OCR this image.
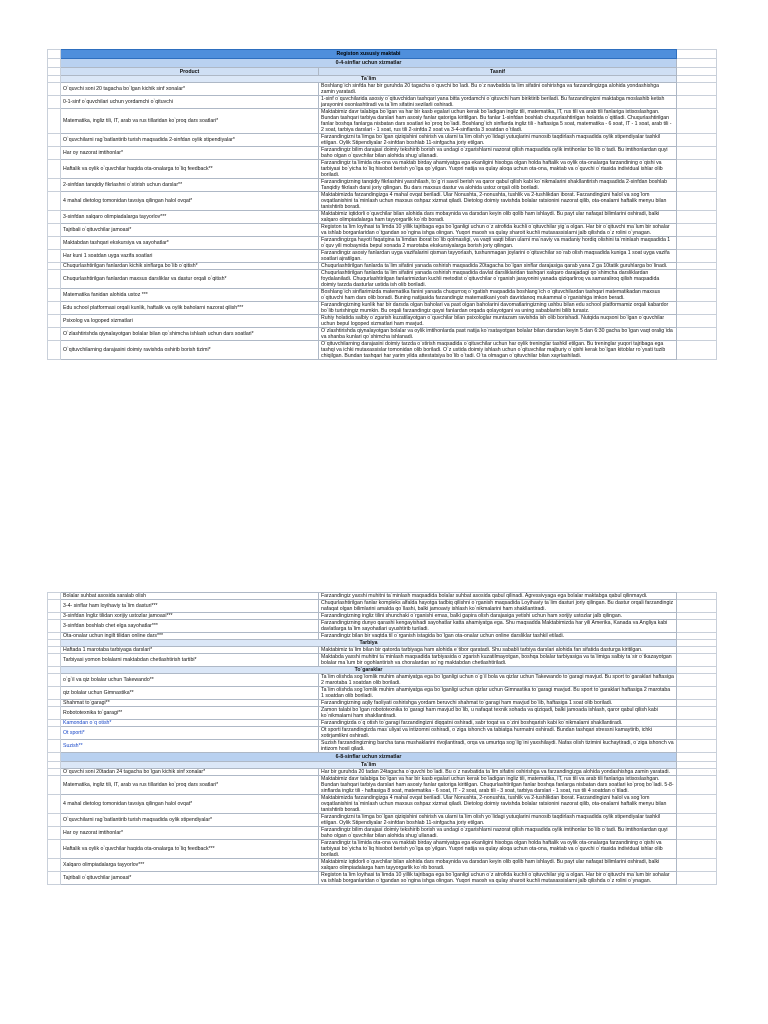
	Registon xususiy maktabi		
	0-4-sinflar uchun xizmatlar		
	Product	Tasnif	
	Ta`lim		
	O`quvchi soni 20 tagacha bo`lgan kichik sinf xonalar*	Boshlang`ich sinfda har bir guruhda 20 tagacha o`quvchi bo`ladi. Bu o`z navbatida ta`lim sifatini oshirishga va farzandingizga alohida yondashishga zamin yaratadi.	
	0-1-sinf o`quvchilari uchun yordamchi o`qituvchi	1-sinf o`quvchilarida asosiy o`qituvchidan tashqari yana bitta yordamchi o`qituvchi ham biriktirib beriladi. Bu farzandingizni maktabga moslashib ketish jarayonini osonlashtiradi va ta`lim sifatini sezilarli oshiradi.	
	Matematika, ingliz tili, IT, arab va rus tillaridan ko`proq dars soatlari*	Maktabimiz davr talabiga bo`lgan va har bir kasb egalari uchun kerak bo`ladigan ingliz tili, matematika, IT, rus tili va arab tili fanlariga ixtisoslashgan. Bundan tashqari tarbiya darslari ham asosiy fanlar qatoriga kiritilgan. Bu fanlar 1-sinfdan boshlab chuqurlashtirilgan holatda o`qitiladi. Chuqurlashtirilgan fanlar boshqa fanlarga nisbatan dars soatlari ko`proq bo`ladi. Boshlang`ich sinflarda ingliz tili - haftasiga 5 soat, matematika - 6 soat, IT - 1 soat, arab tili - 2 soat, tarbiya darslari - 1 soat, rus tili 2-sinfda 2 soat va 3-4-sinflarda 3 soatdan o`tiladi.	
	O`quvchilarni rag`batlantirib turish maqsadida 2-sinfdan oylik stipendiyalar*	Farzandingizni ta`limga bo`lgan qiziqishini oshirish va ularni ta`lim olish yo`lidagi yutuqlarini munosib taqdirlash maqsadida oylik stipendiyalar tashkil etilgan. Oylik Stipendiyalar 2-sinfdan boshlab 11-sinfgacha joriy etilgan.	
	Har oy nazorat imtihonlar*	Farzandingiz bilim darajasi doimiy tekshirib borish va undagi o`zgarishlarni nazorat qilish maqsadida oylik imtihonlar bo`lib o`tadi. Bu imtihonlardan quyi baho olgan o`quvchilar bilan alohida shug`ullanadi.	
	Haftalik va oylik o`quvchilar haqida ota-onalarga to`liq feedback**	Farzandingiz ta`limida ota-ona va maktab birday ahamiyatga ega ekanligini hisobga olgan holda haftalik va oylik ota-onalarga farzandining o`qishi va tarbiyasi bo`yicha to`liq hisobot berish yo`lga qo`yilgan. Yuqori natija va qulay aloqa uchun ota-ona, maktab va o`quvchi o`rtasida individual ishlar olib boriladi.	
	2-sinfdan tanqidiy fikrlashni o`stirish uchun darslar**	Farzandingizning tanqidiy fikrlashini yaxshilash, to`g`ri savol berish va qaror qabul qilish kabi ko`nikmalarini shakllantirish maqsadida 2-sinfdan boshlab Tanqidiy fikrlash darsi joriy qilingan. Bu dars maxsus dastur va alohida ustoz orqali olib boriladi.	
	4 mahal dietolog tomonidan tavsiya qilingan halol ovqat*	Maktabimizda farzandingizga 4 mahal ovqat beriladi. Ular Nonushta, 2-nonushta, tushlik va 2-tushlikdan iborat. Farzandingizni halol va sog`lom ovqatlanishini ta`minlash uchun maxsus oshpaz xizmat qiladi. Dietolog doimiy ravishda bolalar ratsionini nazorat qilib, ota-onalarni haftalik menyu bilan tanishtirib boradi.	
	3-sinfdan xalqaro olimpiadalarga tayyorlov***	Maktabimiz iqtidorli o`quvchilar bilan alohida dars mobaynida va darsdan keyin olib qolib ham ishlaydi. Bu payt ular nafaqat bilimlarini oshiradi, balki xalqaro olimpiadalarga ham tayyorgarlik ko`rib boradi.	
	Tajribali o`qituvchilar jamoasi*	Registon ta`lim loyihasi ta`limda 10 yillik tajribaga ega bo`lganligi uchun o`z atrofida kuchli o`qituvchilar yig`a olgan. Har bir o`qituvchi ma`lum bir sohalar va ishlab borganlaridan o`tgandan so`ngina ishga olingan. Yuqori maosh va qulay sharoit kuchli mutaxassislarni jalb qilishda o`z rolini o`ynagan.	
	Maktabdan tashqari ekskursiya va sayohatlar*	Farzandingizga hayoti faqatgina ta`limdan iborat bo`lib qolmasligi, va vaqti vaqti bilan ularni ma`naviy va madaniy hordiq olishini ta`minlash maqsadida 1 o`quv yili mobaynida bepul xonada 2 marotaba ekskursiyalarga borish joriy qilingan.	
	Har kuni 1 soatdan uyga vazifa soatlari	Farzandingiz asosiy fanlardan uyga vazifalarini qisman tayyorlash, tushunmagan joylarini o`qituvchilar so`rab olish maqsadida kuniga 1 soat uyga vazifa soatlari ajratilgan.	
	Chuqurlashtirilgan fanlardan kichik sinflarga bo`lib o`qitish*	Chuqurlashtirilgan fanlarda ta`lim sifatini yanada oshirish maqsadida 20tagacha bo`lgan sinflar darajasiga qarab yana 2 ga 10tatik guruhlarga bo`linadi.	
	Chuqurlashtirilgan fanlardan maxsus darsliklar va dastur orqali o`qitish*	Chuqurlashtirilgan fanlarda ta`lim sifatini yanada oshirish maqsadida davlat darsliklaridan tashqari xalqaro darajadagi qo`shimcha darsliklardan foydalaniladi. Chuqurlashtirilgan fanlarimizdan kuchli metodist o`qituvchilar o`rganish jarayonini yanada qiziqarliroq va samaraliroq qilish maqsadida doimiy tarzda dasturlar ustida ish olib boriladi.	
	Matematika fanidan alohida ustoz ***	Boshlang`ich sinflarimizda matematika fanini yanada chuqurroq o`rgatish maqsadida boshlang`ich o`qituvchilardan tashqari matematikadan maxsus o`qituvchi ham dars olib boradi. Buning natijasida farzandingiz matematikani yosh davridanoq mukammal o`rganishiga imkon beradi.	
	Edu school platformasi orqali kunlik, haftalik va oylik baholarni nazorat qilish***	Farzandingizning kunlik har bir darsda olgan baholari va past olgan baholarini davomatlaringizning ushbu bilan edu school platformamiz orqali kabardor bo`lib turishingiz mumkin. Bu orqali farzandingiz qaysi fanlardan orqada qolayotgani va uning sabablarini bilib turasiz.	
	Psixolog va logoped xizmatlari	Ruhiy holatida salbiy o`zgarish kuzatilayotgan o`quvchilar bilan psixologlar muntazam ravishda ish olib borishadi. Nutqida nuqsoni bo`lgan o`quvchilar uchun bepul logoped xizmatlari ham mavjud.	
	O`zlashtirishda qiynalayotgan bolalar bilan qo`shimcha ishlash uchun dars soatlari*	O`zlashtirishda qiynalayotgan bolalar va oylik imtihonlarda past natija ko`rsatayotgan bolalar bilan darsdan keyin 5 dan 6:30 gacha bo`lgan vaqt oralig`ida va shanba kunlari qo`shimcha ishlanadi.	
	O`qituvchilarning darajasini doimiy ravishda oshirib borish tizimi*	O`qituvchilarning darajasini doimiy tarzda o`stirish maqsadida o`qituvchilar uchun har oylik treninglar tashkil etilgan. Bu treninglar yuqori tajribaga ega tashqi va ichki mutaxassislar tomonidan olib boriladi. O`z ustida doimiy ishlash uchun o`qituvchilar majburiy o`qishi kerak bo`lgan kitoblar ro`yxati tuzib chiqilgan. Bundan tashqari har yarim yilda attestatsiya bo`lib o`tadi. O`ta olmagan o`qituvchilar bilan xayrlashiladi.	
	Bolalar suhbat asosida saralab olish	Farzandingiz yaxshi muhitni ta`minlash maqsadida bolalar suhbat asosida qabul qilinadi. Agressivyaga ega bolalar maktabga qabul qilinmaydi.	
	3-4- sinflar ham loyihaviy ta`lim dasturi***	Chuqurlashtirilgan fanlar kompleks alfalda hayotga tadbiq qilishni o`rganish maqsadida Loyihaviy ta`lim dasturi joriy qilingan. Bu dastur orqali farzandingiz nafaqat olgan bilimlarini amalda qo`llashi, balki jamoaviy ishlash ko`nikmalarini ham shakllantiradi.	
	3-sinfdan Ingliz tilidan xorijiy ustozlar jamoasi***	Farzandingizning ingliz tilini shunchaki o`rganishi emas, balki gapira olish darajasiga yetishi uchun ham xorijiy ustozlar jalb qilingan.	
	3-sinfdan boshlab chet elga sayohatlar***	Farzandingizning dunyo qarashi kengayishadi sayohatlar katta ahamiyatga ega. Shu maqsadda Maktabimizda har yili Amerika, Kanada va Angliya kabi davlatlarga ta`lim sayohatlari uyushtirib turiladi.	
	Ota-onalar uchun ingilt tilidan online dars***	Farzandingiz bilan bir vaqtda til o`rganish istagida bo`lgan ota-onalar uchun online darsliklar tashkil etiladi.	
	Tarbiya		
	Haftada 1 marotaba tarbiyaga darslari*	Maktabimiz ta`lim bilan bir qatorda tarbiyaga ham alohida e`tibor qaratadi. Shu sababli tarbiya darslari alohida fan sifatida dasturga kiritilgan.	
	Tarbiyasi yomon bolalarni maktabdan chetlashtirish tartibi*	Maktabda yaxshi muhitni ta`minlash maqsadida tarbiyasida o`zgarish kuzatilmayotgan, boshqa bolalar tarbiyasiga va ta`limiga salbiy ta`sir o`tkazayotgan bolalar ma`lum bir ogohlantirish va choralardan so`ng maktabdan chetlashtiriladi.	
	To`garaklar		
	o`g`il va qiz bolalar uchun Takewando**	Ta`lim olishda sog`lomlik muhim ahamiyatga ega bo`lganligi uchun o`g`il bola va qizlar uchun Takewando to`garagi mavjud. Bu sport to`garaklari haftasiga 2 marotaba 1 soatdan olib boriladi.	
	qiz bolalar uchun Gimnastika**	Ta`lim olishda sog`lomlik muhim ahamiyatga ega bo`lganligi uchun qizlar uchun Gimnastika to`garagi mavjud. Bu sport to`garaklari haftasiga 2 marotaba 1 soatdan olib boriladi.	
	Shahmat to`garagi**	Farzandingizning aqliy faoliyati oshirishga yordam beruvchi shahmat to`garagi ham mavjud bo`lib, haftasiga 1 soat olib boriladi.	
	Robototexnika to`garagi**	Zamon talabi bo`lgan robototexnika to`garagi ham mavjud bo`lib, u nafaqat texnik sohada va qiziqadi, balki jamoada ishlash, qaror qabul qilish kabi ko`nikmalarni ham shakllantiradi.	
	Kamondan o`q otish*	Farzandingizda o`q otish to`garagi farzandingizni diqqatni oshiradi, sabr toqat va o`zini boshqarish kabi ko`nikmalarni shakllantiradi.	
	Ot sporti*	Ot sporti farzandingizda mas`uliyat va intizomni oshiradi, o`ziga ishonch va tabiatga hurmatni oshiradi. Bundan tashqari stressni kamaytirib, ichki xotirjamlikni oshiradi.	
	Suzish**	Suzish farzandingizning barcha tana mushaklarini rivojlantiradi, orqa va umurtqa sog`lig`ini yaxshilaydi. Nafas olish tizimini kuchaytiradi, o`ziga ishonch va intizom hosil qiladi.	
	6-8-sinflar uchun xizmatlar		
	Ta`lim		
	O`quvchi soni 20tadan 24 tagacha bo`lgan kichik sinf xonalar*	Har bir guruhda 20 tadan 24tagacha o`quvchi bo`ladi. Bu o`z navbatida ta`lim sifatini oshirishga va farzandingizga alohida yondashishga zamin yaratadi.	
	Matematika, ingliz tili, IT, arab va rus tillaridan ko`proq dars soatlari*	Maktabimiz davr talabiga bo`lgan va har bir kasb egalari uchun kerak bo`ladigan ingliz tili, matematika, IT, rus tili va arab tili fanlariga ixtisoslashgan. Bundan tashqari tarbiya darslari ham asosiy fanlar qatoriga kiritilgan. Chuqurlashtirilgan fanlar boshqa fanlarga nisbatan dars soatlari ko`proq bo`ladi. 5-8-sinflarda ingliz tili - haftasiga 8 soat, matematika - 6 soat, IT - 2 soat, arab tili - 3 soat, tarbiya darslari - 1 soat, rus tili 4 soatdan o`tiladi.	
	4 mahal dietolog tomonidan tavsiya qilingan halol ovqat*	Maktabimizda farzandingizga 4 mahal ovqat beriladi. Ular Nonushta, 2-nonushta, tushlik va 2-tushlikdan iborat. Farzandingizni halol va sog`lom ovqatlanishini ta`minlash uchun maxsus oshpaz xizmat qiladi. Dietolog doimiy ravishda bolalar ratsionini nazorat qilib, ota-onalarni haftalik menyu bilan tanishtirib boradi.	
	O`quvchilarni rag`batlantirib turish maqsadida oylik stipendiyalar*	Farzandingizni ta`limga bo`lgan qiziqishini oshirish va ularni ta`lim olish yo`lidagi yutuqlarini munosib taqdirlash maqsadida oylik stipendiyalar tashkil etilgan. Oylik Stipendiyalar 2-sinfdan boshlab 11-sinfgacha joriy etilgan.	
	Har oy nazorat imtihonlar*	Farzandingiz bilim darajasi doimiy tekshirib borish va undagi o`zgarishlarni nazorat qilish maqsadida oylik imtihonlar bo`lib o`tadi. Bu imtihonlardan quyi baho olgan o`quvchilar bilan alohida shug`ullanadi.	
	Haftalik va oylik o`quvchilar haqida ota-onalarga to`liq feedback***	Farzandingiz ta`limida ota-ona va maktab birday ahamiyatga ega ekanligini hisobga olgan holda haftalik va oylik ota-onalarga farzandining o`qishi va tarbiyasi bo`yicha to`liq hisobot berish yo`lga qo`yilgan. Yuqori natija va qulay aloqa uchun ota-ona, maktab va o`quvchi o`rtasida individual ishlar olib boriladi.	
	Xalqaro olimpiadalarga tayyorlov***	Maktabimiz iqtidorli o`quvchilar bilan alohida dars mobaynida va darsdan keyin olib qolib ham ishlaydi. Bu payt ular nafaqat bilimlarini oshiradi, balki xalqaro olimpiadalarga ham tayyorgarlik ko`rib boradi.	
	Tajribali o`qituvchilar jamoasi*	Registon ta`lim loyihasi ta`limda 10 yillik tajribaga ega bo`lganligi uchun o`z atrofida kuchli o`qituvchilar yig`a olgan. Har bir o`qituvchi ma`lum bir sohalar va ishlab borganlaridan o`tgandan so`ngina ishga olingan. Yuqori maosh va qulay sharoit kuchli mutaxassislarni jalb qilishda o`z rolini o`ynagan.	
